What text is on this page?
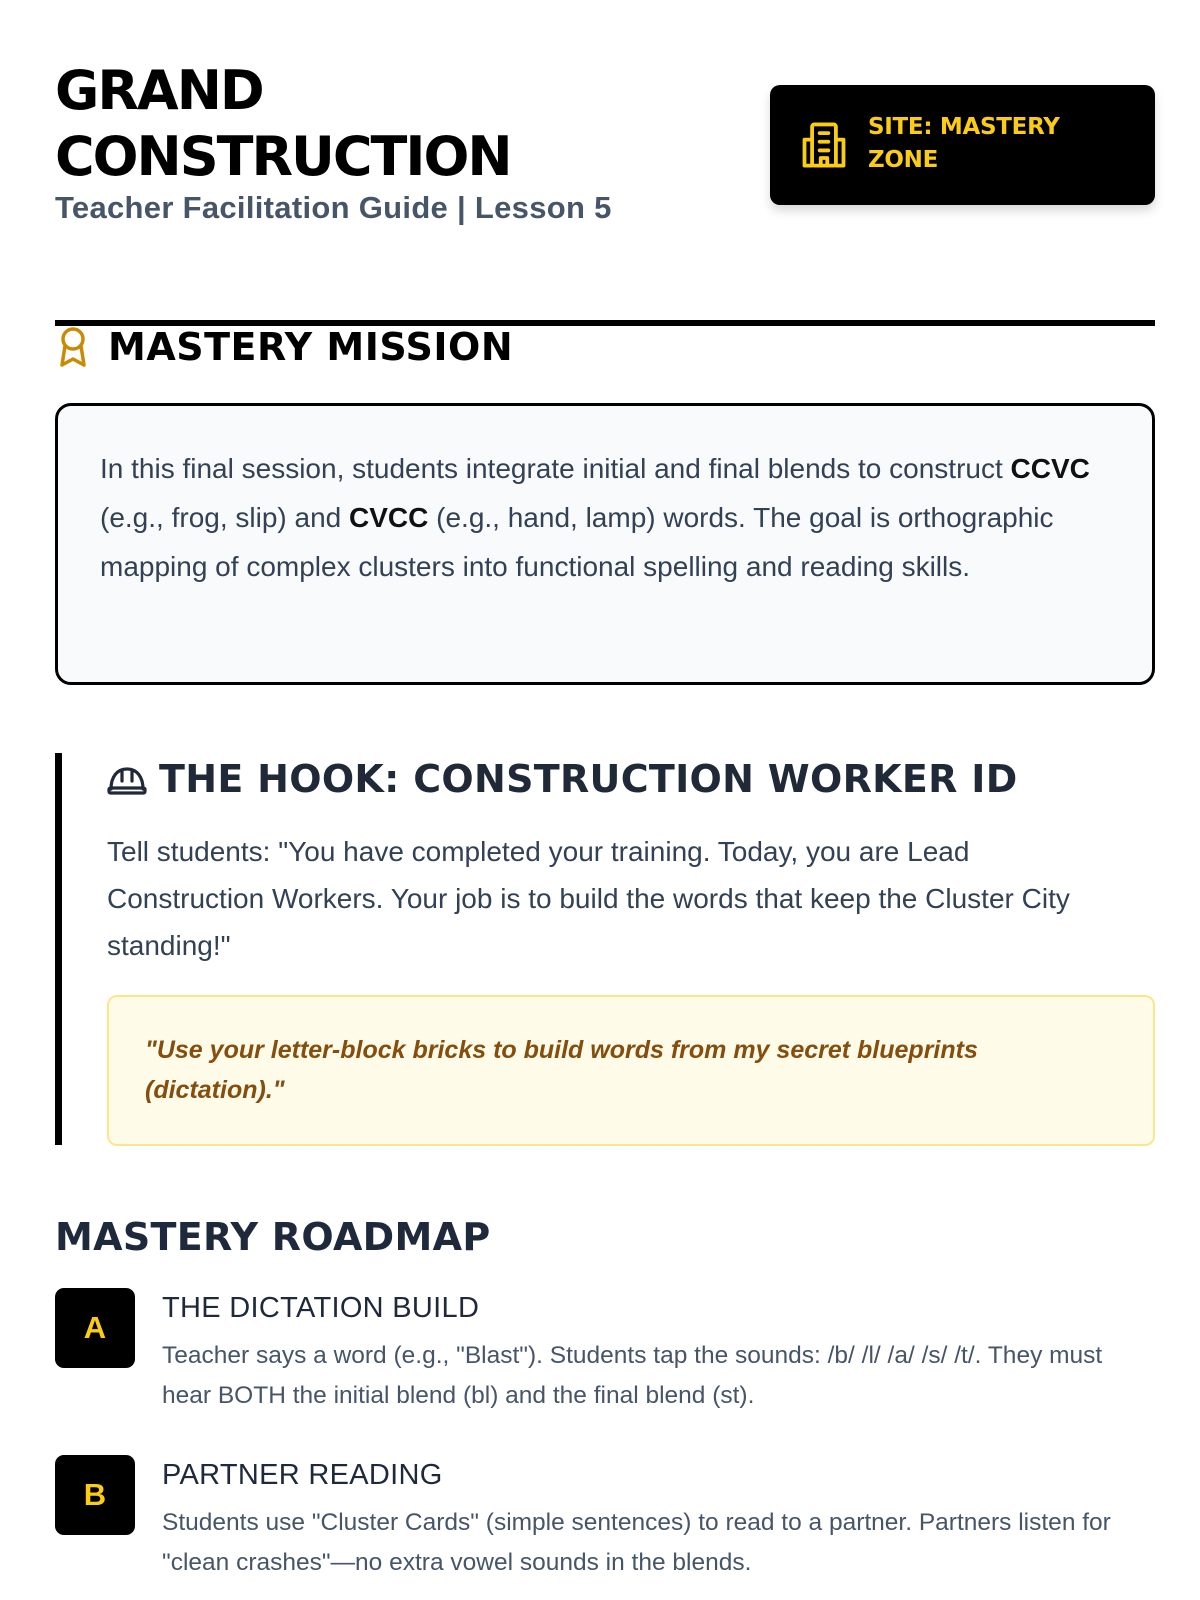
GRAND
CONSTRUCTION
Teacher Facilitation Guide | Lesson 5
SITE: MASTERY
ZONE
MASTERY MISSION

In this final session, students integrate initial and final blends to construct CCVC (e.g., frog, slip) and CVCC (e.g., hand, lamp) words. The goal is orthographic mapping of complex clusters into functional spelling and reading skills.

THE HOOK: CONSTRUCTION WORKER ID

Tell students: "You have completed your training. Today, you are Lead Construction Workers. Your job is to build the words that keep the Cluster City standing!"

"Use your letter-block bricks to build words from my secret blueprints (dictation)."

MASTERY ROADMAP
A
THE DICTATION BUILD

Teacher says a word (e.g., "Blast"). Students tap the sounds: /b/ /l/ /a/ /s/ /t/. They must hear BOTH the initial blend (bl) and the final blend (st).

B
PARTNER READING

Students use "Cluster Cards" (simple sentences) to read to a partner. Partners listen for "clean crashes"—no extra vowel sounds in the blends.
